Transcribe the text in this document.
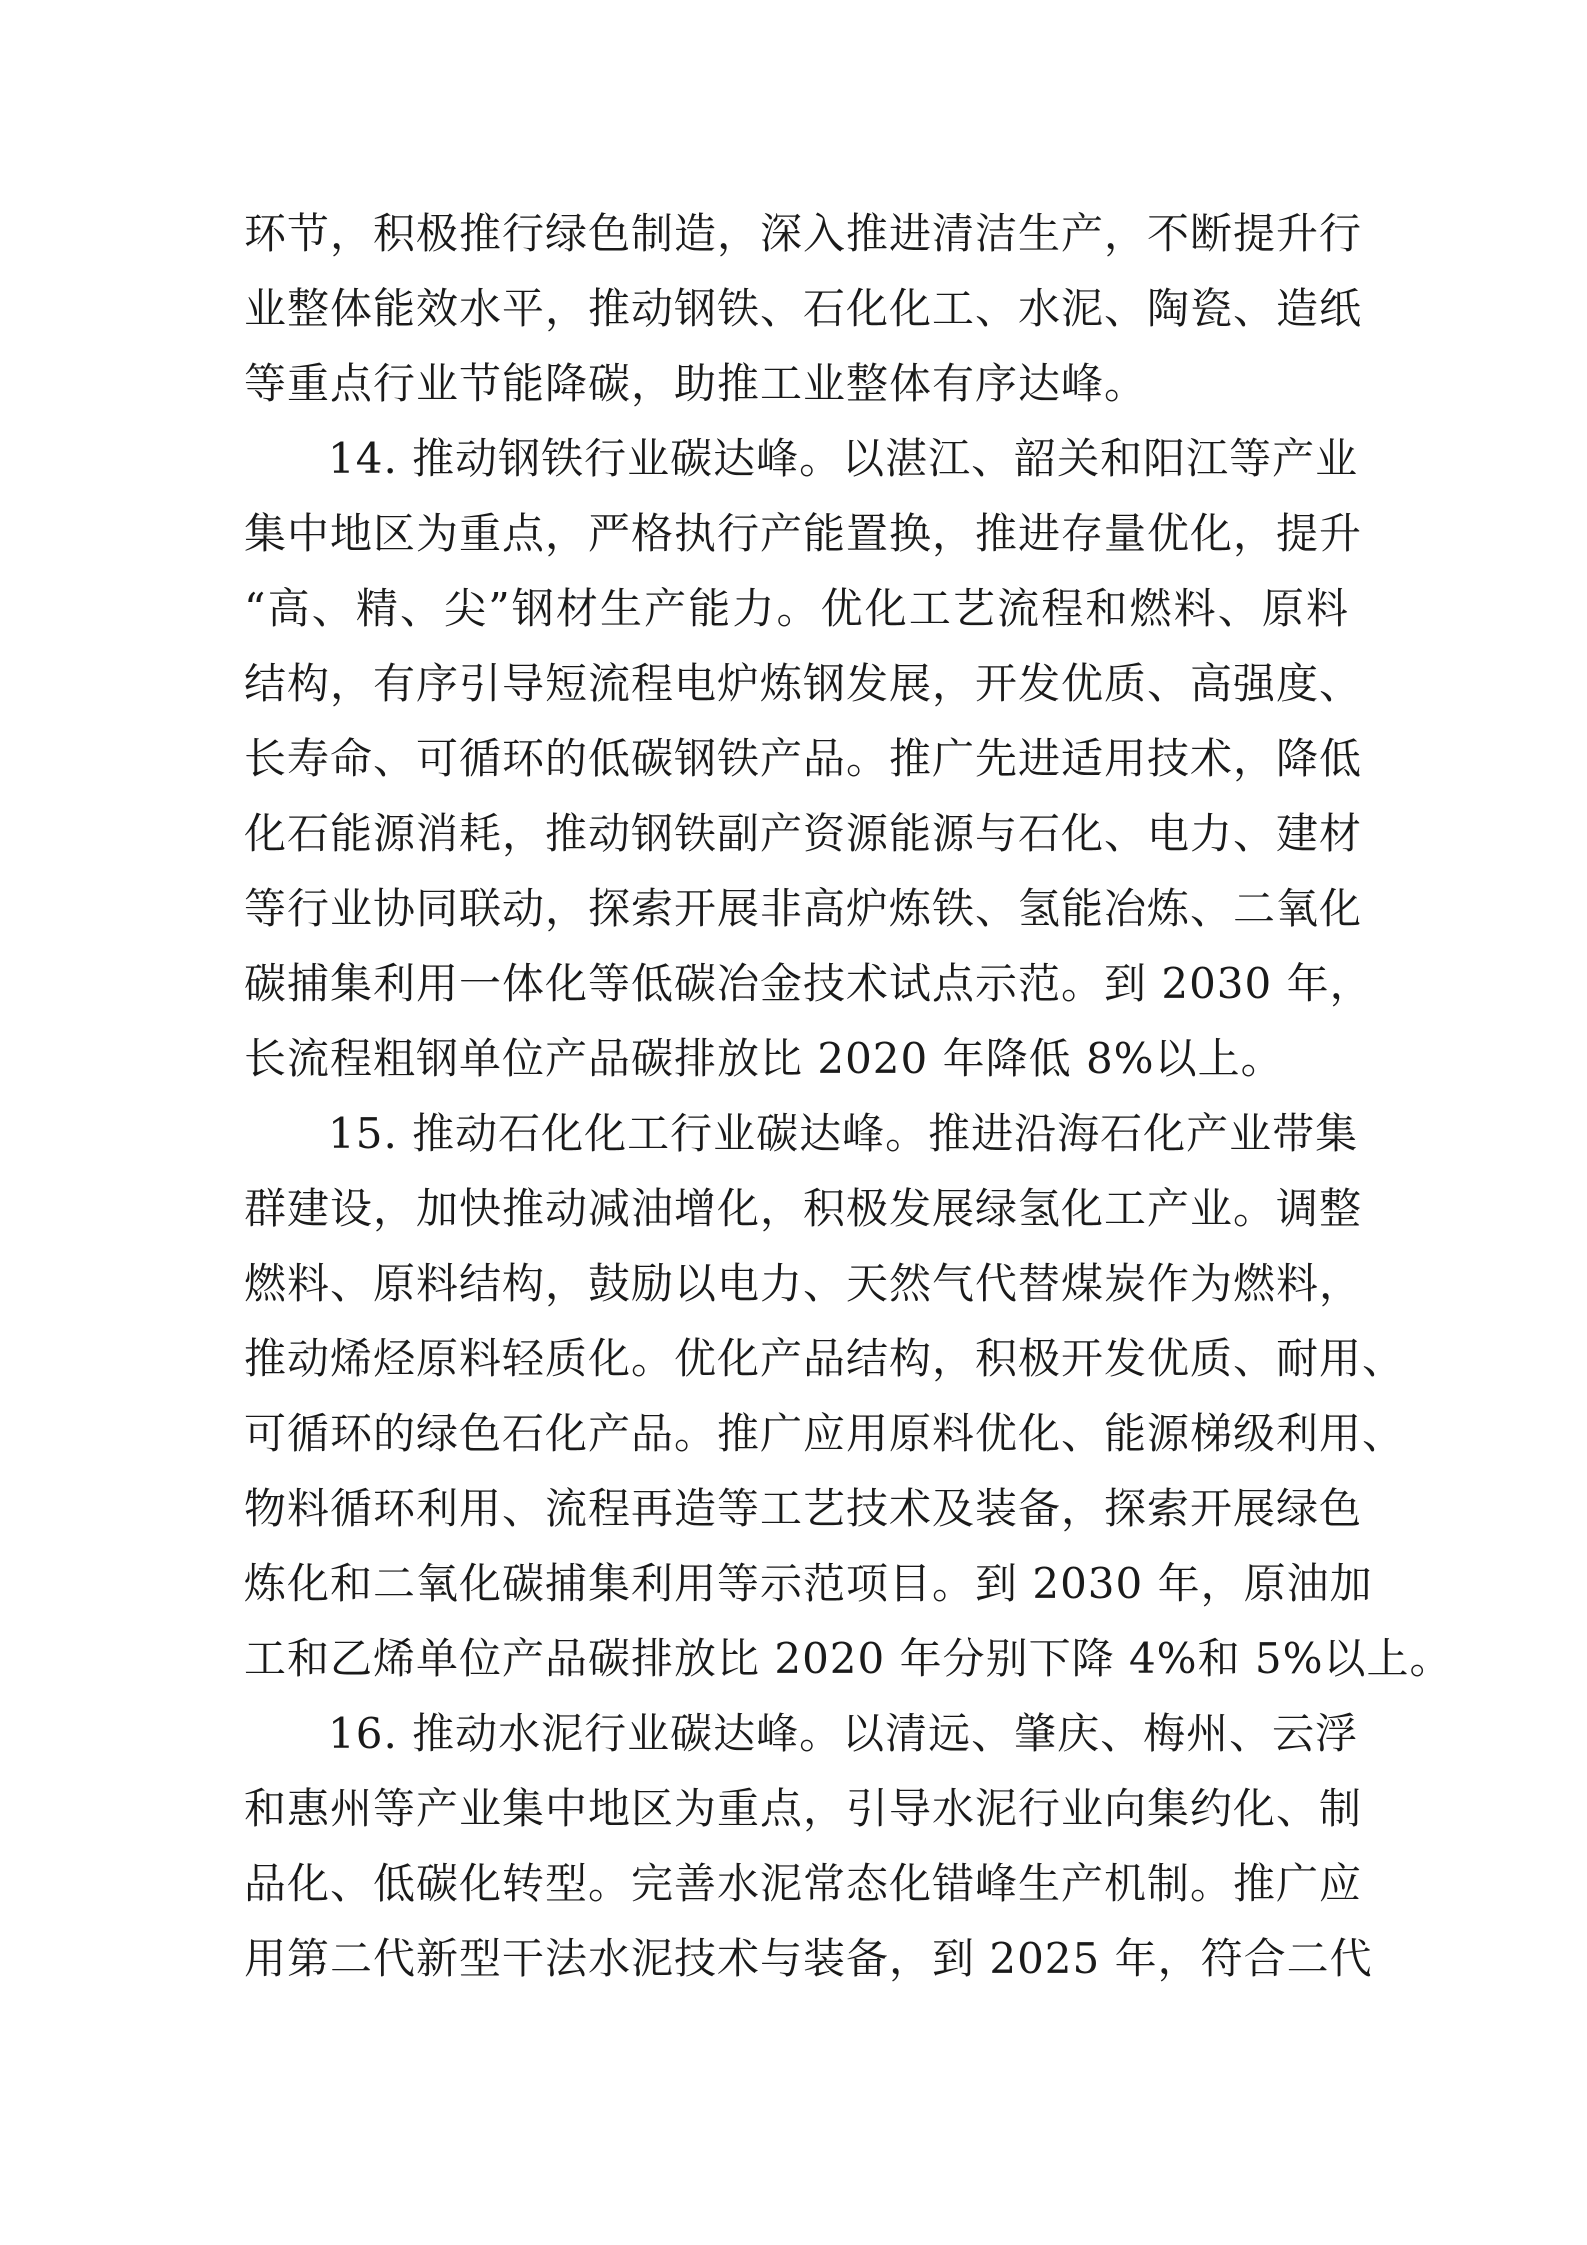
环节，积极推行绿色制造，深入推进清洁生产，不断提升行
业整体能效水平，推动钢铁、石化化工、水泥、陶瓷、造纸
等重点行业节能降碳，助推工业整体有序达峰。
14. 推动钢铁行业碳达峰。以湛江、韶关和阳江等产业
集中地区为重点，严格执行产能置换，推进存量优化，提升
“高、精、尖”钢材生产能力。优化工艺流程和燃料、原料
结构，有序引导短流程电炉炼钢发展，开发优质、高强度、
长寿命、可循环的低碳钢铁产品。推广先进适用技术，降低
化石能源消耗，推动钢铁副产资源能源与石化、电力、建材
等行业协同联动，探索开展非高炉炼铁、氢能冶炼、二氧化
碳捕集利用一体化等低碳冶金技术试点示范。到 2030 年，
长流程粗钢单位产品碳排放比 2020 年降低 8%以上。
15. 推动石化化工行业碳达峰。推进沿海石化产业带集
群建设，加快推动减油增化，积极发展绿氢化工产业。调整
燃料、原料结构，鼓励以电力、天然气代替煤炭作为燃料，
推动烯烃原料轻质化。优化产品结构，积极开发优质、耐用、
可循环的绿色石化产品。推广应用原料优化、能源梯级利用、
物料循环利用、流程再造等工艺技术及装备，探索开展绿色
炼化和二氧化碳捕集利用等示范项目。到 2030 年，原油加
工和乙烯单位产品碳排放比 2020 年分别下降 4%和 5%以上。
16. 推动水泥行业碳达峰。以清远、肇庆、梅州、云浮
和惠州等产业集中地区为重点，引导水泥行业向集约化、制
品化、低碳化转型。完善水泥常态化错峰生产机制。推广应
用第二代新型干法水泥技术与装备，到 2025 年，符合二代
